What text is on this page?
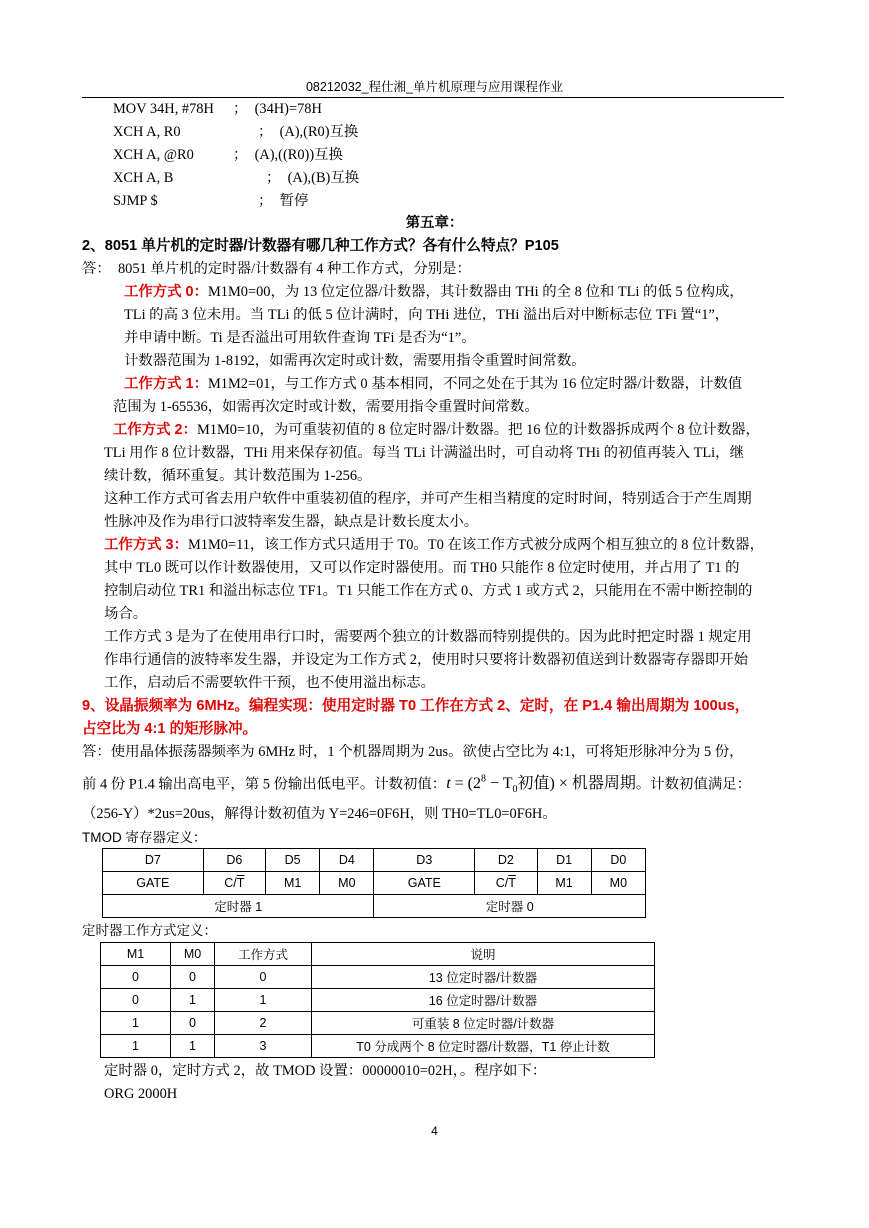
08212032_程仕湘_单片机原理与应用课程作业
MOV 34H, #78H ；　(34H)=78H
XCH A, R0	；　(A),(R0)互换
XCH A, @R0	；　(A),((R0))互换
XCH A, B	；　(A),(B)互换
SJMP $	；　暂停
第五章：
2、8051 单片机的定时器/计数器有哪几种工作方式？各有什么特点？P105
答：　8051 单片机的定时器/计数器有 4 种工作方式，分别是：
工作方式 0：M1M0=00，为 13 位定位器/计数器，其计数器由 THi 的全 8 位和 TLi 的低 5 位构成，
TLi 的高 3 位未用。当 TLi 的低 5 位计满时，向 THi 进位，THi 溢出后对中断标志位 TFi 置“1”，
并申请中断。Ti 是否溢出可用软件查询 TFi 是否为“1”。
计数器范围为 1-8192，如需再次定时或计数，需要用指令重置时间常数。
工作方式 1：M1M2=01，与工作方式 0 基本相同，不同之处在于其为 16 位定时器/计数器，计数值
范围为 1-65536，如需再次定时或计数，需要用指令重置时间常数。
工作方式 2：M1M0=10，为可重装初值的 8 位定时器/计数器。把 16 位的计数器拆成两个 8 位计数器，
TLi 用作 8 位计数器，THi 用来保存初值。每当 TLi 计满溢出时，可自动将 THi 的初值再装入 TLi，继
续计数，循环重复。其计数范围为 1-256。
这种工作方式可省去用户软件中重装初值的程序，并可产生相当精度的定时时间，特别适合于产生周期
性脉冲及作为串行口波特率发生器，缺点是计数长度太小。
工作方式 3：M1M0=11，该工作方式只适用于 T0。T0 在该工作方式被分成两个相互独立的 8 位计数器，
其中 TL0 既可以作计数器使用，又可以作定时器使用。而 TH0 只能作 8 位定时使用，并占用了 T1 的
控制启动位 TR1 和溢出标志位 TF1。T1 只能工作在方式 0、方式 1 或方式 2，只能用在不需中断控制的
场合。
工作方式 3 是为了在使用串行口时，需要两个独立的计数器而特别提供的。因为此时把定时器 1 规定用
作串行通信的波特率发生器，并设定为工作方式 2，使用时只要将计数器初值送到计数器寄存器即开始
工作，启动后不需要软件干预，也不使用溢出标志。
9、设晶振频率为 6MHz。编程实现：使用定时器 T0 工作在方式 2、定时，在 P1.4 输出周期为 100us，
占空比为 4:1 的矩形脉冲。
答：使用晶体振荡器频率为 6MHz 时，1 个机器周期为 2us。欲使占空比为 4:1，可将矩形脉冲分为 5 份，
前 4 份 P1.4 输出高电平，第 5 份输出低电平。计数初值：$t = (2^8 - T_0$初值) × 机器周期。计数初值满足：
（256-Y）*2us=20us，解得计数初值为 Y=246=0F6H，则 TH0=TL0=0F6H。
TMOD 寄存器定义：
D7	D6	D5	D4	D3	D2	D1	D0
GATE	$C/\overline{T}$	M1	M0	GATE	$C/\overline{T}$	M1	M0
定时器 1				定时器 0			
定时器工作方式定义：
M1	M0	工作方式	说明
0	0	0	13 位定时器/计数器
0	1	1	16 位定时器/计数器
1	0	2	可重装 8 位定时器/计数器
1	1	3	T0 分成两个 8 位定时器/计数器，T1 停止计数
定时器 0，定时方式 2，故 TMOD 设置：00000010=02H，。程序如下：
ORG 2000H
4
